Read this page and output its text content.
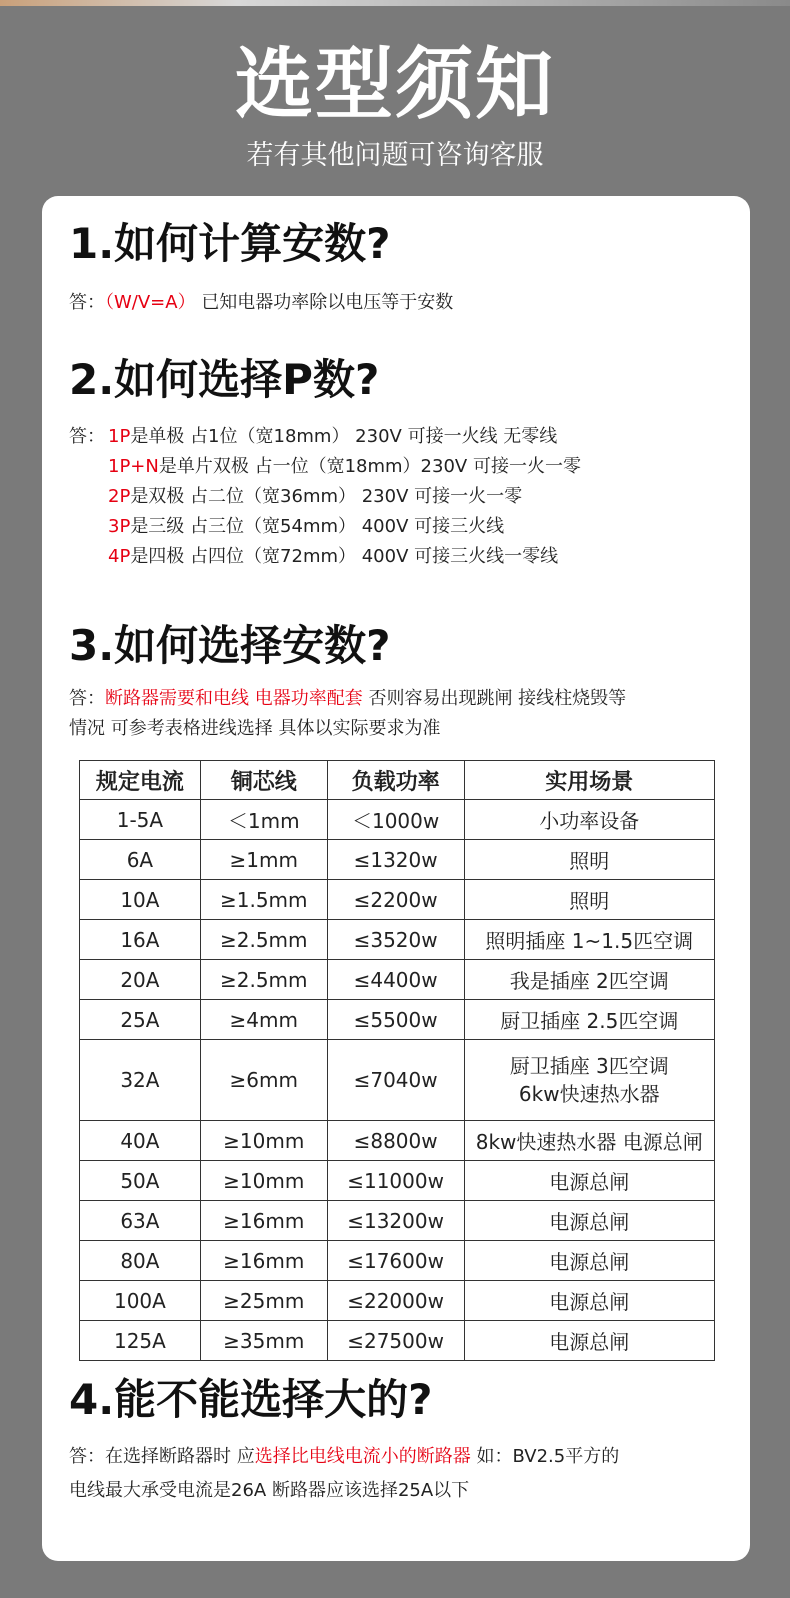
选型须知
若有其他问题可咨询客服
1.如何计算安数?
答：（W/V=A） 已知电器功率除以电压等于安数
2.如何选择P数?
答： 1P是单极 占1位（宽18mm） 230V 可接一火线 无零线
1P+N是单片双极 占一位（宽18mm）230V 可接一火一零
2P是双极 占二位（宽36mm） 230V 可接一火一零
3P是三级 占三位（宽54mm） 400V 可接三火线
4P是四极 占四位（宽72mm） 400V 可接三火线一零线
3.如何选择安数?
答：断路器需要和电线 电器功率配套 否则容易出现跳闸 接线柱烧毁等
情况 可参考表格进线选择 具体以实际要求为准
规定电流	铜芯线	负载功率	实用场景
1-5A	＜1mm	＜1000w	小功率设备
6A	≥1mm	≤1320w	照明
10A	≥1.5mm	≤2200w	照明
16A	≥2.5mm	≤3520w	照明插座 1~1.5匹空调
20A	≥2.5mm	≤4400w	我是插座 2匹空调
25A	≥4mm	≤5500w	厨卫插座 2.5匹空调
32A	≥6mm	≤7040w	厨卫插座 3匹空调
6kw快速热水器

40A	≥10mm	≤8800w	8kw快速热水器 电源总闸
50A	≥10mm	≤11000w	电源总闸
63A	≥16mm	≤13200w	电源总闸
80A	≥16mm	≤17600w	电源总闸
100A	≥25mm	≤22000w	电源总闸
125A	≥35mm	≤27500w	电源总闸
4.能不能选择大的?
答：在选择断路器时 应选择比电线电流小的断路器 如：BV2.5平方的
电线最大承受电流是26A 断路器应该选择25A以下
